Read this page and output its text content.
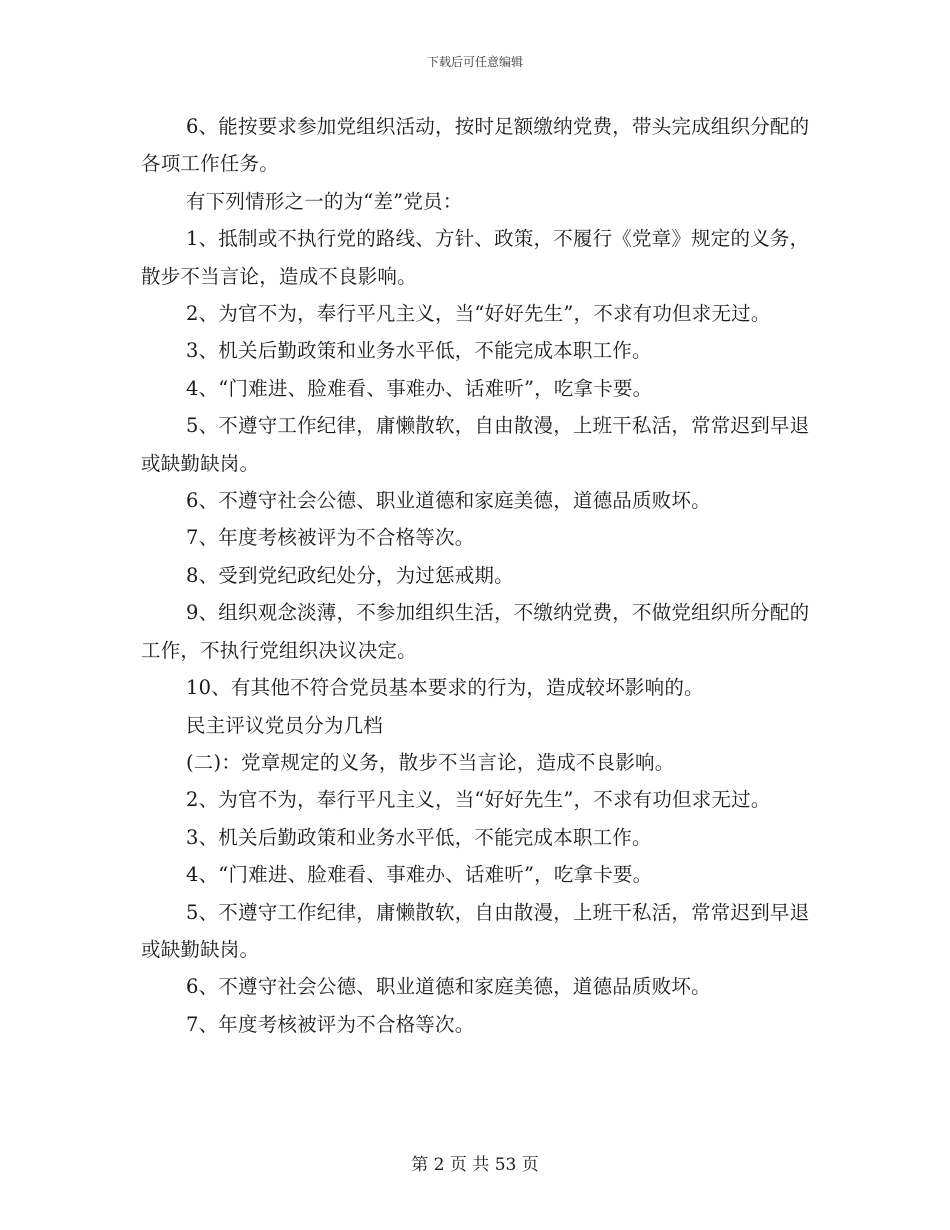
下载后可任意编辑

6、能按要求参加党组织活动，按时足额缴纳党费，带头完成组织分配的各项工作任务。

有下列情形之一的为“差”党员：

1、抵制或不执行党的路线、方针、政策，不履行《党章》规定的义务，散步不当言论，造成不良影响。

2、为官不为，奉行平凡主义，当“好好先生”，不求有功但求无过。

3、机关后勤政策和业务水平低，不能完成本职工作。

4、“门难进、脸难看、事难办、话难听”，吃拿卡要。

5、不遵守工作纪律，庸懒散软，自由散漫，上班干私活，常常迟到早退或缺勤缺岗。

6、不遵守社会公德、职业道德和家庭美德，道德品质败坏。

7、年度考核被评为不合格等次。

8、受到党纪政纪处分，为过惩戒期。

9、组织观念淡薄，不参加组织生活，不缴纳党费，不做党组织所分配的工作，不执行党组织决议决定。

10、有其他不符合党员基本要求的行为，造成较坏影响的。

民主评议党员分为几档

(二)：党章规定的义务，散步不当言论，造成不良影响。

2、为官不为，奉行平凡主义，当“好好先生”，不求有功但求无过。

3、机关后勤政策和业务水平低，不能完成本职工作。

4、“门难进、脸难看、事难办、话难听”，吃拿卡要。

5、不遵守工作纪律，庸懒散软，自由散漫，上班干私活，常常迟到早退或缺勤缺岗。

6、不遵守社会公德、职业道德和家庭美德，道德品质败坏。

7、年度考核被评为不合格等次。

第 2 页 共 53 页
